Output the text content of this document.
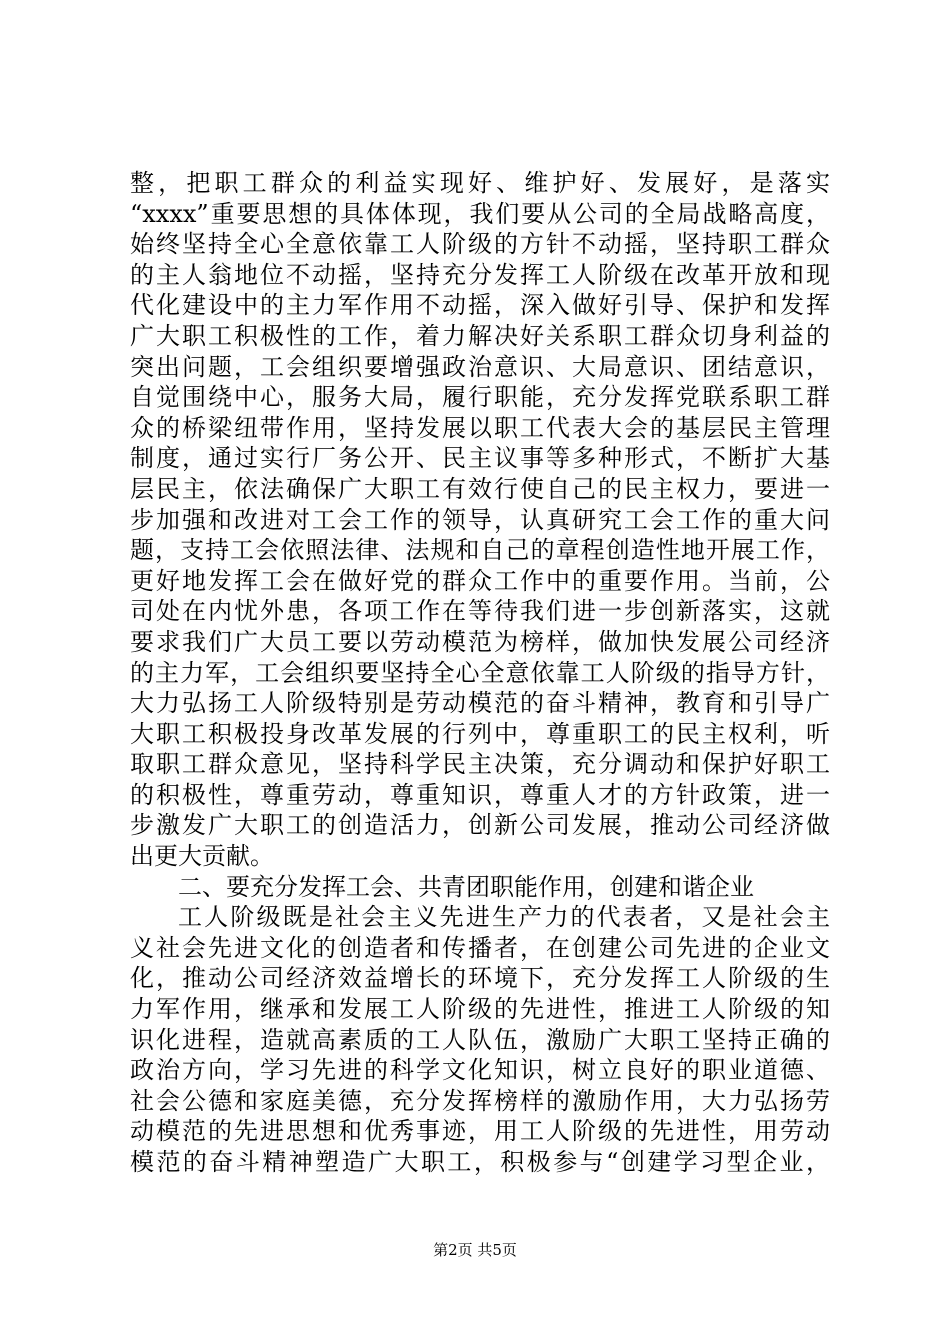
整，把职工群众的利益实现好、维护好、发展好，是落实
“xxxx”重要思想的具体体现，我们要从公司的全局战略高度，
始终坚持全心全意依靠工人阶级的方针不动摇，坚持职工群众
的主人翁地位不动摇，坚持充分发挥工人阶级在改革开放和现
代化建设中的主力军作用不动摇，深入做好引导、保护和发挥
广大职工积极性的工作，着力解决好关系职工群众切身利益的
突出问题，工会组织要增强政治意识、大局意识、团结意识，
自觉围绕中心，服务大局，履行职能，充分发挥党联系职工群
众的桥梁纽带作用，坚持发展以职工代表大会的基层民主管理
制度，通过实行厂务公开、民主议事等多种形式，不断扩大基
层民主，依法确保广大职工有效行使自己的民主权力，要进一
步加强和改进对工会工作的领导，认真研究工会工作的重大问
题，支持工会依照法律、法规和自己的章程创造性地开展工作，
更好地发挥工会在做好党的群众工作中的重要作用。当前，公
司处在内忧外患，各项工作在等待我们进一步创新落实，这就
要求我们广大员工要以劳动模范为榜样，做加快发展公司经济
的主力军，工会组织要坚持全心全意依靠工人阶级的指导方针，
大力弘扬工人阶级特别是劳动模范的奋斗精神，教育和引导广
大职工积极投身改革发展的行列中，尊重职工的民主权利，听
取职工群众意见，坚持科学民主决策，充分调动和保护好职工
的积极性，尊重劳动，尊重知识，尊重人才的方针政策，进一
步激发广大职工的创造活力，创新公司发展，推动公司经济做
出更大贡献。
二、要充分发挥工会、共青团职能作用，创建和谐企业
工人阶级既是社会主义先进生产力的代表者，又是社会主
义社会先进文化的创造者和传播者，在创建公司先进的企业文
化，推动公司经济效益增长的环境下，充分发挥工人阶级的生
力军作用，继承和发展工人阶级的先进性，推进工人阶级的知
识化进程，造就高素质的工人队伍，激励广大职工坚持正确的
政治方向，学习先进的科学文化知识，树立良好的职业道德、
社会公德和家庭美德，充分发挥榜样的激励作用，大力弘扬劳
动模范的先进思想和优秀事迹，用工人阶级的先进性，用劳动
模范的奋斗精神塑造广大职工，积极参与“创建学习型企业，
第2页 共5页
